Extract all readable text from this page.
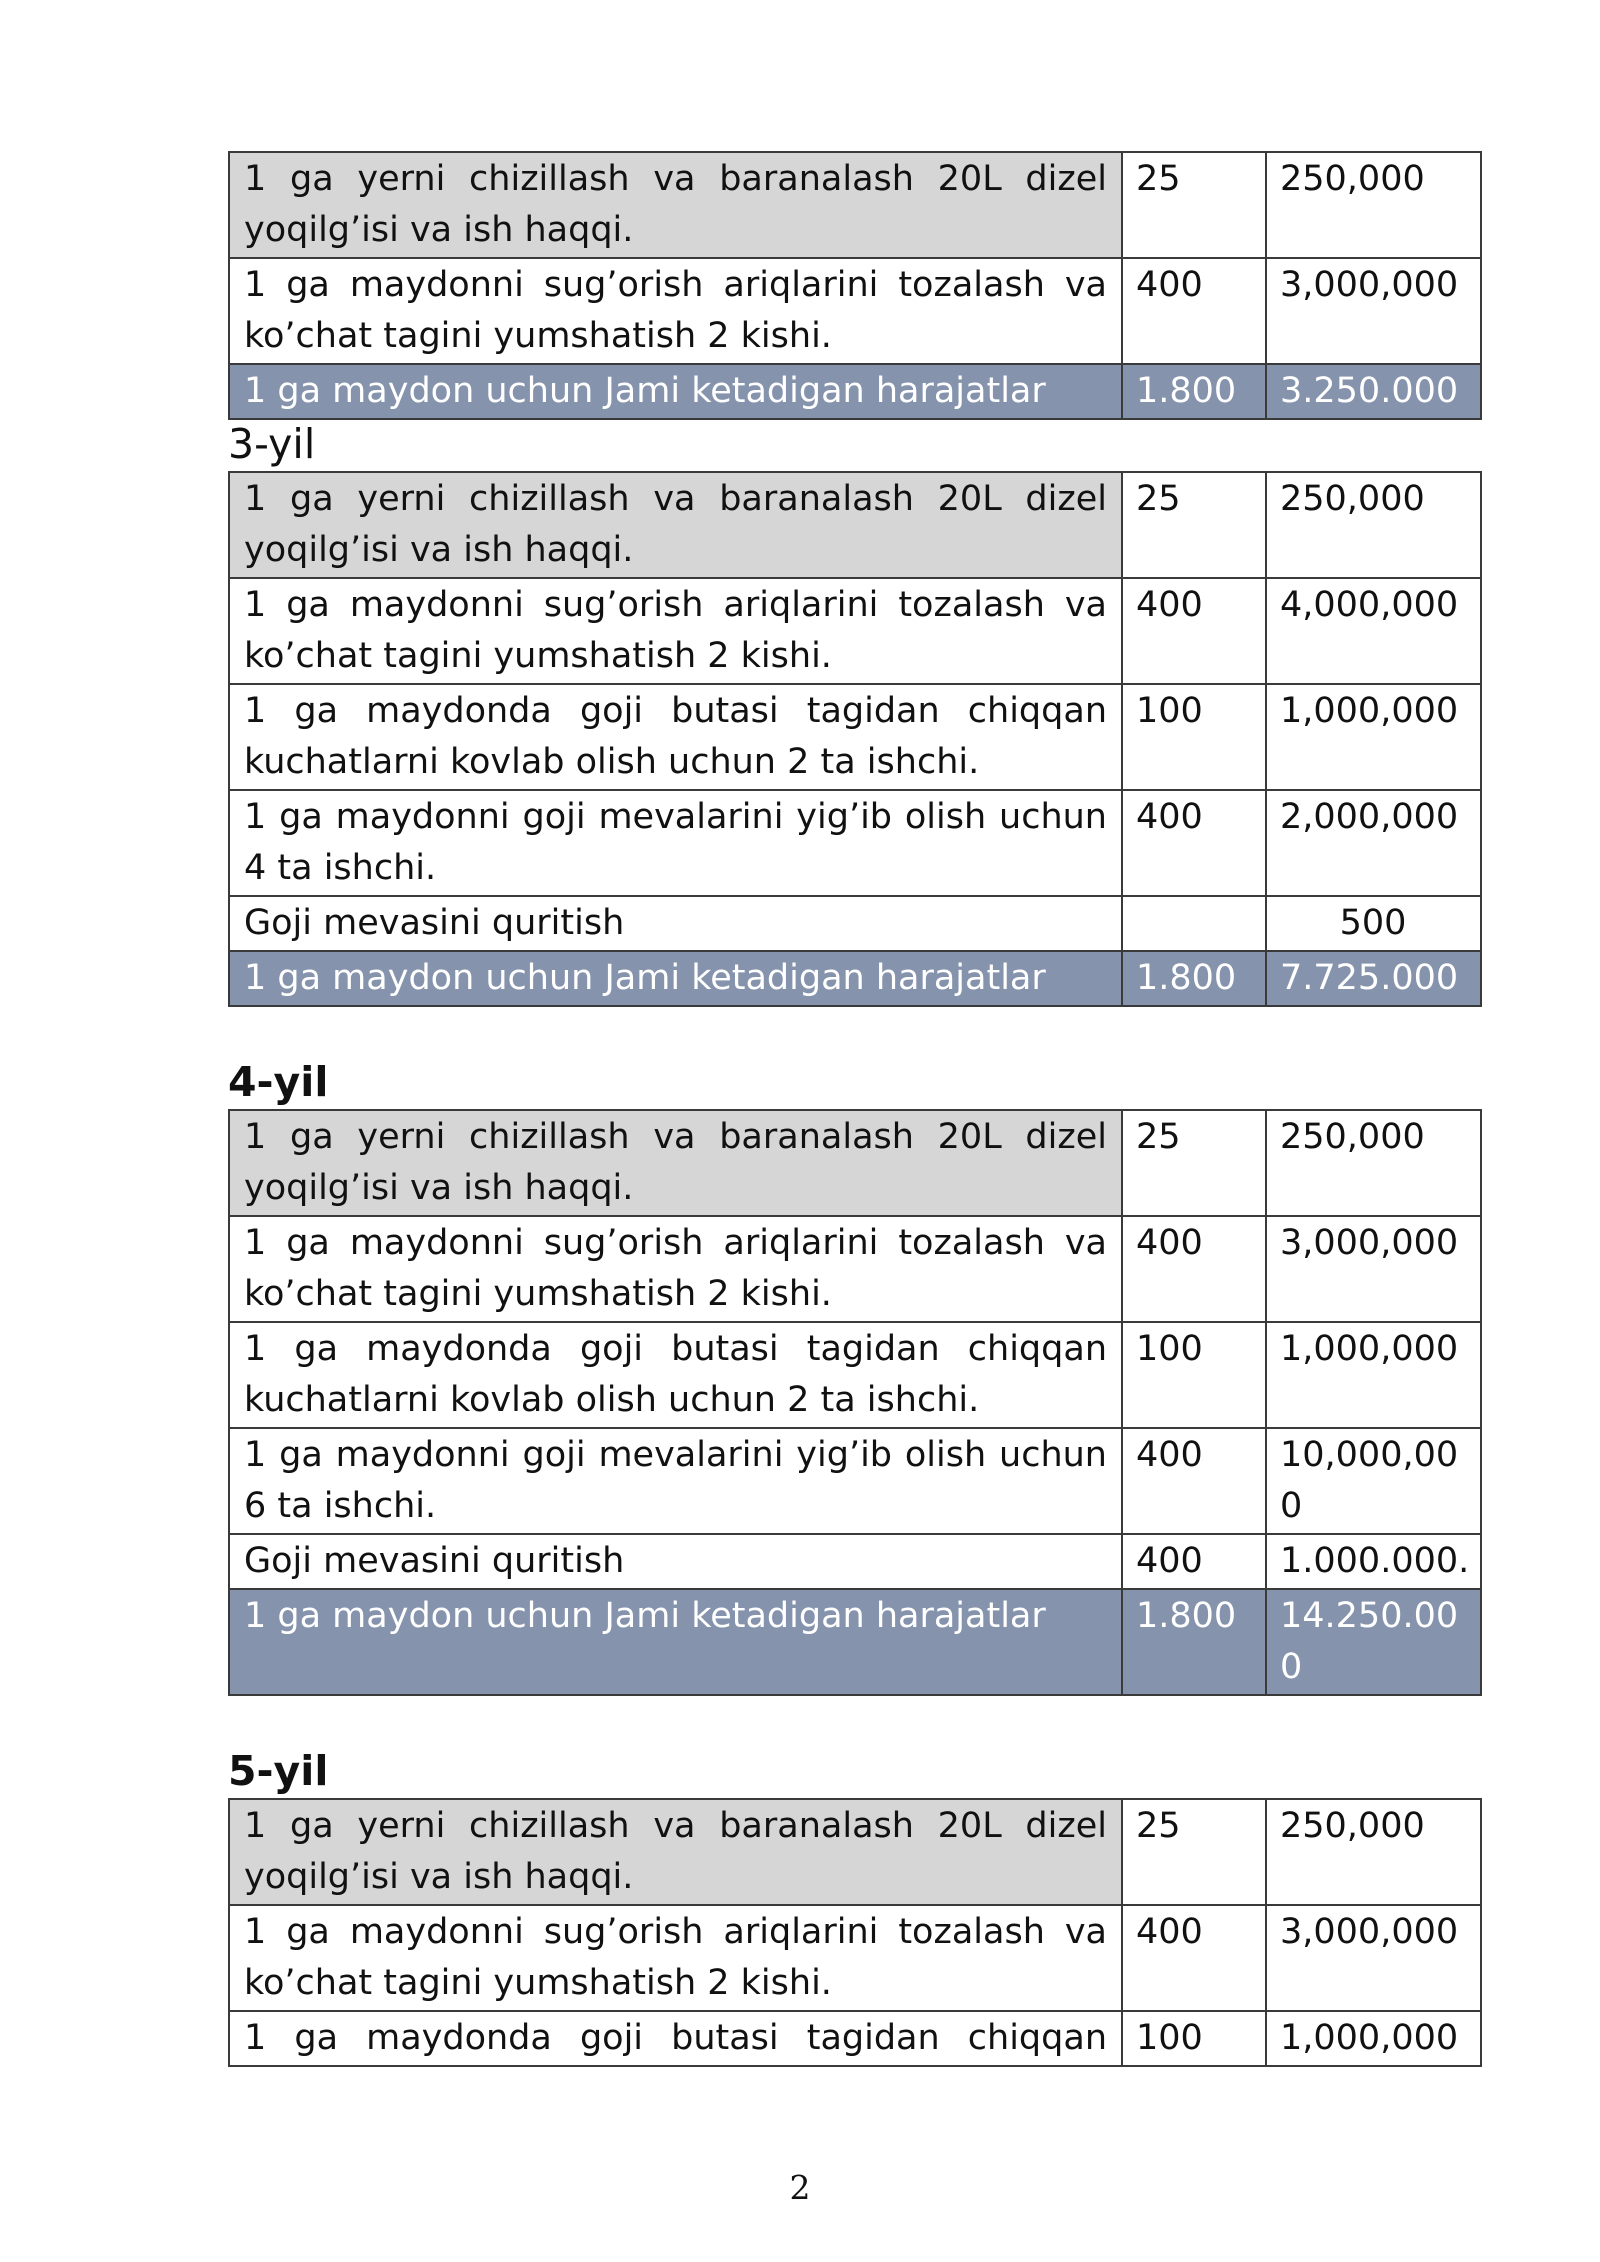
1 ga yerni chizillash va baranalash 20L dizel yoqilg’isi va ish haqqi.	25	250,000
1 ga maydonni sug’orish ariqlarini tozalash va ko’chat tagini yumshatish 2 kishi.	400	3,000,000
1 ga maydon uchun Jami ketadigan harajatlar	1.800	3.250.000
3-yil
1 ga yerni chizillash va baranalash 20L dizel yoqilg’isi va ish haqqi.	25	250,000
1 ga maydonni sug’orish ariqlarini tozalash va ko’chat tagini yumshatish 2 kishi.	400	4,000,000
1 ga maydonda goji butasi tagidan chiqqan kuchatlarni kovlab olish uchun 2 ta ishchi.	100	1,000,000
1 ga maydonni goji mevalarini yig’ib olish uchun 4 ta ishchi.	400	2,000,000
Goji mevasini quritish		500
1 ga maydon uchun Jami ketadigan harajatlar	1.800	7.725.000
4-yil
1 ga yerni chizillash va baranalash 20L dizel yoqilg’isi va ish haqqi.	25	250,000
1 ga maydonni sug’orish ariqlarini tozalash va ko’chat tagini yumshatish 2 kishi.	400	3,000,000
1 ga maydonda goji butasi tagidan chiqqan kuchatlarni kovlab olish uchun 2 ta ishchi.	100	1,000,000
1 ga maydonni goji mevalarini yig’ib olish uchun 6 ta ishchi.	400	10,000,000
Goji mevasini quritish	400	1.000.000.
1 ga maydon uchun Jami ketadigan harajatlar	1.800	14.250.000
5-yil
1 ga yerni chizillash va baranalash 20L dizel yoqilg’isi va ish haqqi.	25	250,000
1 ga maydonni sug’orish ariqlarini tozalash va ko’chat tagini yumshatish 2 kishi.	400	3,000,000
1 ga maydonda goji butasi tagidan chiqqan	100	1,000,000
2
